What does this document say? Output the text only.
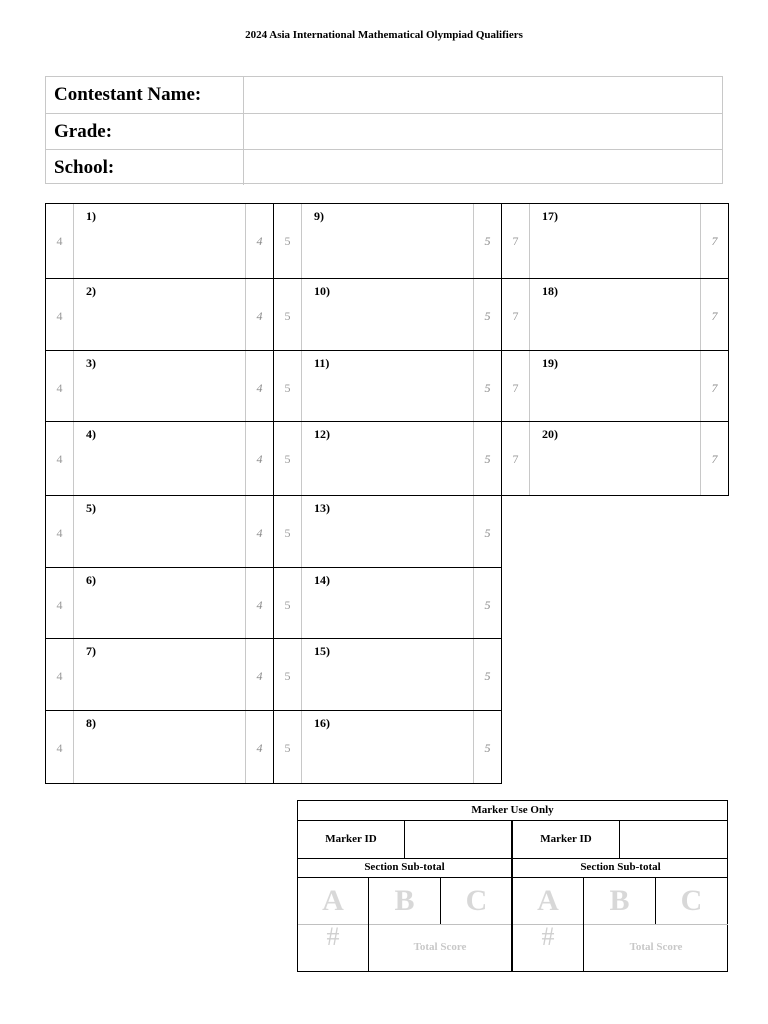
2024 Asia International Mathematical Olympiad Qualifiers
Contestant Name:
Grade:
School:
1)
4	4
2)
4	4
3)
4	4
4)
4	4
5)
4	4
6)
4	4
7)
4	4
8)
4	4
9)
5	5
10)
5	5
11)
5	5
12)
5	5
13)
5	5
14)
5	5
15)
5	5
16)
5	5
17)
7	7
18)
7	7
19)
7	7
20)
7	7
Marker Use Only
Marker ID
Section Sub-total
A	B	C
#	Total Score
Marker ID
Section Sub-total
A	B	C
#	Total Score
